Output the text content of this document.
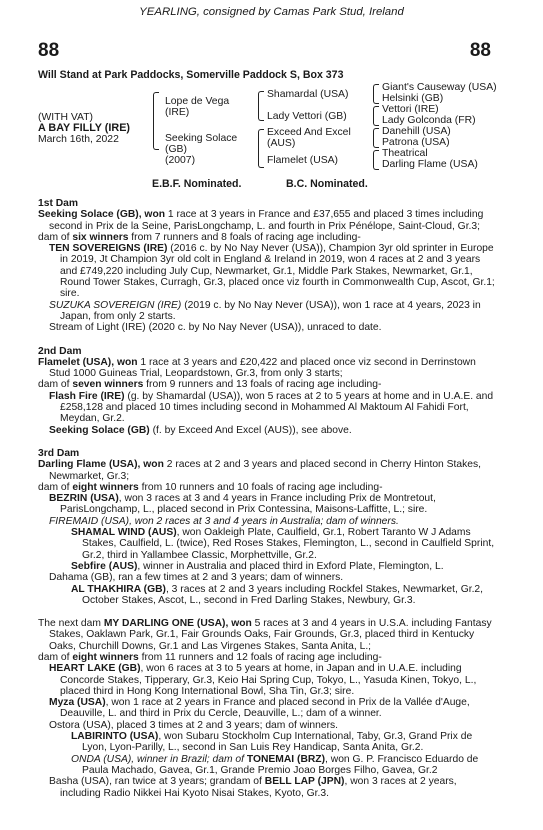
YEARLING, consigned by Camas Park Stud, Ireland
88	88
Will Stand at Park Paddocks, Somerville Paddock S, Box 373
(WITH VAT)
A BAY FILLY (IRE)
March 16th, 2022
Lope de Vega
(IRE)
Seeking Solace
(GB)
(2007)
Shamardal (USA)
Lady Vettori (GB)
Exceed And Excel
(AUS)
Flamelet (USA)
Giant's Causeway (USA)
Helsinki (GB)
Vettori (IRE)
Lady Golconda (FR)
Danehill (USA)
Patrona (USA)
Theatrical
Darling Flame (USA)
E.B.F. Nominated.	B.C. Nominated.
1st Dam

Seeking Solace (GB), won 1 race at 3 years in France and £37,655 and placed 3 times including second in Prix de la Seine, ParisLongchamp, L. and fourth in Prix Pénélope, Saint-Cloud, Gr.3;

dam of six winners from 7 runners and 8 foals of racing age including-

TEN SOVEREIGNS (IRE) (2016 c. by No Nay Never (USA)), Champion 3yr old sprinter in Europe in 2019, Jt Champion 3yr old colt in England & Ireland in 2019, won 4 races at 2 and 3 years and £749,220 including July Cup, Newmarket, Gr.1, Middle Park Stakes, Newmarket, Gr.1, Round Tower Stakes, Curragh, Gr.3, placed once viz fourth in Commonwealth Cup, Ascot, Gr.1; sire.

SUZUKA SOVEREIGN (IRE) (2019 c. by No Nay Never (USA)), won 1 race at 4 years, 2023 in Japan, from only 2 starts.

Stream of Light (IRE) (2020 c. by No Nay Never (USA)), unraced to date.

2nd Dam

Flamelet (USA), won 1 race at 3 years and £20,422 and placed once viz second in Derrinstown Stud 1000 Guineas Trial, Leopardstown, Gr.3, from only 3 starts;

dam of seven winners from 9 runners and 13 foals of racing age including-

Flash Fire (IRE) (g. by Shamardal (USA)), won 5 races at 2 to 5 years at home and in U.A.E. and £258,128 and placed 10 times including second in Mohammed Al Maktoum Al Fahidi Fort, Meydan, Gr.2.

Seeking Solace (GB) (f. by Exceed And Excel (AUS)), see above.

3rd Dam

Darling Flame (USA), won 2 races at 2 and 3 years and placed second in Cherry Hinton Stakes, Newmarket, Gr.3;

dam of eight winners from 10 runners and 10 foals of racing age including-

BEZRIN (USA), won 3 races at 3 and 4 years in France including Prix de Montretout, ParisLongchamp, L., placed second in Prix Contessina, Maisons-Laffitte, L.; sire.

FIREMAID (USA), won 2 races at 3 and 4 years in Australia; dam of winners.

SHAMAL WIND (AUS), won Oakleigh Plate, Caulfield, Gr.1, Robert Taranto W J Adams Stakes, Caulfield, L. (twice), Red Roses Stakes, Flemington, L., second in Caulfield Sprint, Gr.2, third in Yallambee Classic, Morphettville, Gr.2.

Sebfire (AUS), winner in Australia and placed third in Exford Plate, Flemington, L.

Dahama (GB), ran a few times at 2 and 3 years; dam of winners.

AL THAKHIRA (GB), 3 races at 2 and 3 years including Rockfel Stakes, Newmarket, Gr.2, October Stakes, Ascot, L., second in Fred Darling Stakes, Newbury, Gr.3.

The next dam MY DARLING ONE (USA), won 5 races at 3 and 4 years in U.S.A. including Fantasy Stakes, Oaklawn Park, Gr.1, Fair Grounds Oaks, Fair Grounds, Gr.3, placed third in Kentucky Oaks, Churchill Downs, Gr.1 and Las Virgenes Stakes, Santa Anita, L.;

dam of eight winners from 11 runners and 12 foals of racing age including-

HEART LAKE (GB), won 6 races at 3 to 5 years at home, in Japan and in U.A.E. including Concorde Stakes, Tipperary, Gr.3, Keio Hai Spring Cup, Tokyo, L., Yasuda Kinen, Tokyo, L., placed third in Hong Kong International Bowl, Sha Tin, Gr.3; sire.

Myza (USA), won 1 race at 2 years in France and placed second in Prix de la Vallée d'Auge, Deauville, L. and third in Prix du Cercle, Deauville, L.; dam of a winner.

Ostora (USA), placed 3 times at 2 and 3 years; dam of winners.

LABIRINTO (USA), won Subaru Stockholm Cup International, Taby, Gr.3, Grand Prix de Lyon, Lyon-Parilly, L., second in San Luis Rey Handicap, Santa Anita, Gr.2.

ONDA (USA), winner in Brazil; dam of TONEMAI (BRZ), won G. P. Francisco Eduardo de Paula Machado, Gavea, Gr.1, Grande Premio Joao Borges Filho, Gavea, Gr.2

Basha (USA), ran twice at 3 years; grandam of BELL LAP (JPN), won 3 races at 2 years, including Radio Nikkei Hai Kyoto Nisai Stakes, Kyoto, Gr.3.
